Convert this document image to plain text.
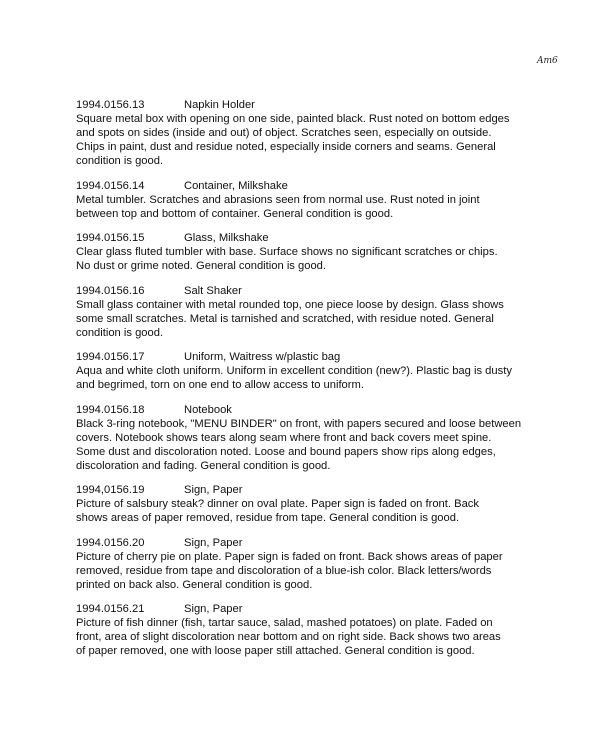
Am6
1994.0156.13	Napkin Holder
Square metal box with opening on one side, painted black. Rust noted on bottom edges
and spots on sides (inside and out) of object. Scratches seen, especially on outside.
Chips in paint, dust and residue noted, especially inside corners and seams. General
condition is good.
1994.0156.14	Container, Milkshake
Metal tumbler. Scratches and abrasions seen from normal use. Rust noted in joint
between top and bottom of container. General condition is good.
1994.0156.15	Glass, Milkshake
Clear glass fluted tumbler with base. Surface shows no significant scratches or chips.
No dust or grime noted. General condition is good.
1994.0156.16	Salt Shaker
Small glass container with metal rounded top, one piece loose by design. Glass shows
some small scratches. Metal is tarnished and scratched, with residue noted. General
condition is good.
1994.0156.17	Uniform, Waitress w/plastic bag
Aqua and white cloth uniform. Uniform in excellent condition (new?). Plastic bag is dusty
and begrimed, torn on one end to allow access to uniform.
1994.0156.18	Notebook
Black 3-ring notebook, "MENU BINDER" on front, with papers secured and loose between
covers. Notebook shows tears along seam where front and back covers meet spine.
Some dust and discoloration noted. Loose and bound papers show rips along edges,
discoloration and fading. General condition is good.
1994,0156.19	Sign, Paper
Picture of salsbury steak? dinner on oval plate. Paper sign is faded on front. Back
shows areas of paper removed, residue from tape. General condition is good.
1994.0156.20	Sign, Paper
Picture of cherry pie on plate. Paper sign is faded on front. Back shows areas of paper
removed, residue from tape and discoloration of a blue-ish color. Black letters/words
printed on back also. General condition is good.
1994.0156.21	Sign, Paper
Picture of fish dinner (fish, tartar sauce, salad, mashed potatoes) on plate. Faded on
front, area of slight discoloration near bottom and on right side. Back shows two areas
of paper removed, one with loose paper still attached. General condition is good.
